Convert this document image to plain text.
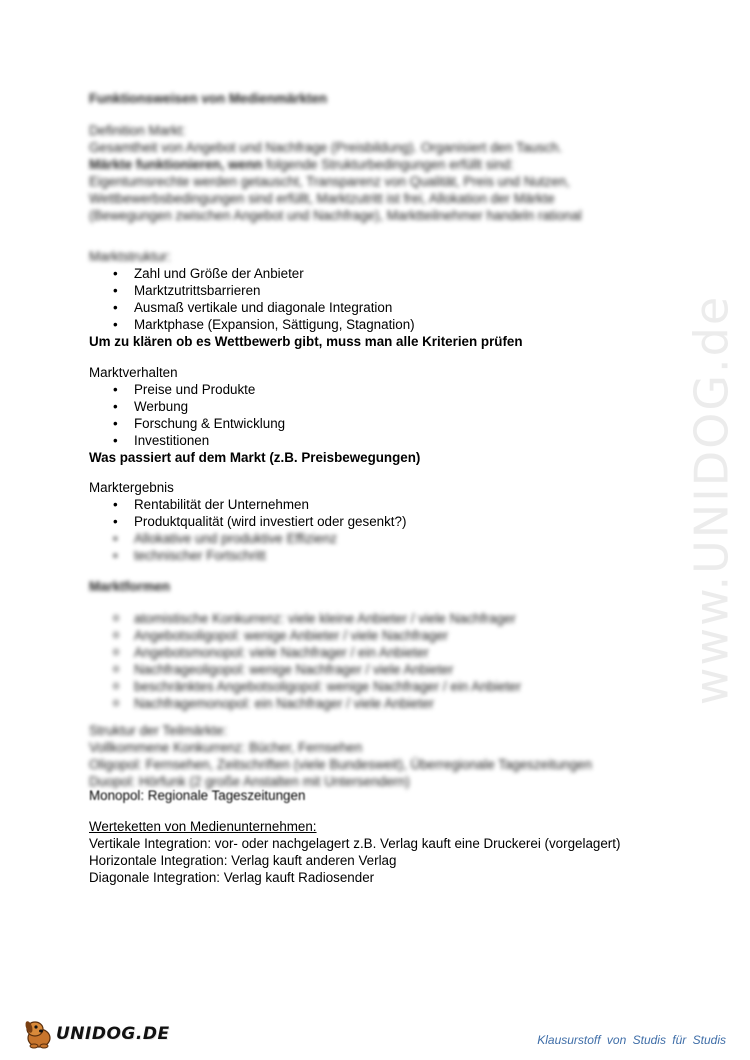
www.UNIDOG.de
Funktionsweisen von Medienmärkten
Definition Markt:
Gesamtheit von Angebot und Nachfrage (Preisbildung). Organisiert den Tausch.
Märkte funktionieren, wenn folgende Strukturbedingungen erfüllt sind:
Eigentumsrechte werden getauscht, Transparenz von Qualität, Preis und Nutzen,
Wettbewerbsbedingungen sind erfüllt, Marktzutritt ist frei, Allokation der Märkte
(Bewegungen zwischen Angebot und Nachfrage), Marktteilnehmer handeln rational
Marktstruktur:
• Zahl und Größe der Anbieter
• Marktzutrittsbarrieren
• Ausmaß vertikale und diagonale Integration
• Marktphase (Expansion, Sättigung, Stagnation)
Um zu klären ob es Wettbewerb gibt, muss man alle Kriterien prüfen
Marktverhalten
• Preise und Produkte
• Werbung
• Forschung & Entwicklung
• Investitionen
Was passiert auf dem Markt (z.B. Preisbewegungen)
Marktergebnis
• Rentabilität der Unternehmen
• Produktqualität (wird investiert oder gesenkt?)
• Allokative und produktive Effizienz
• technischer Fortschritt
Marktformen
o atomistische Konkurrenz: viele kleine Anbieter / viele Nachfrager
o Angebotsoligopol: wenige Anbieter / viele Nachfrager
o Angebotsmonopol: viele Nachfrager / ein Anbieter
o Nachfrageoligopol: wenige Nachfrager / viele Anbieter
o beschränktes Angebotsoligopol: wenige Nachfrager / ein Anbieter
o Nachfragemonopol: ein Nachfrager / viele Anbieter
Struktur der Teilmärkte:
Vollkommene Konkurrenz: Bücher, Fernsehen
Oligopol: Fernsehen, Zeitschriften (viele Bundesweit), Überregionale Tageszeitungen
Duopol: Hörfunk (2 große Anstalten mit Untersendern)
Monopol: Regionale Tageszeitungen
Werteketten von Medienunternehmen:
Vertikale Integration: vor- oder nachgelagert z.B. Verlag kauft eine Druckerei (vorgelagert)
Horizontale Integration: Verlag kauft anderen Verlag
Diagonale Integration: Verlag kauft Radiosender
UNIDOG.DE	Klausurstoff von Studis für Studis
